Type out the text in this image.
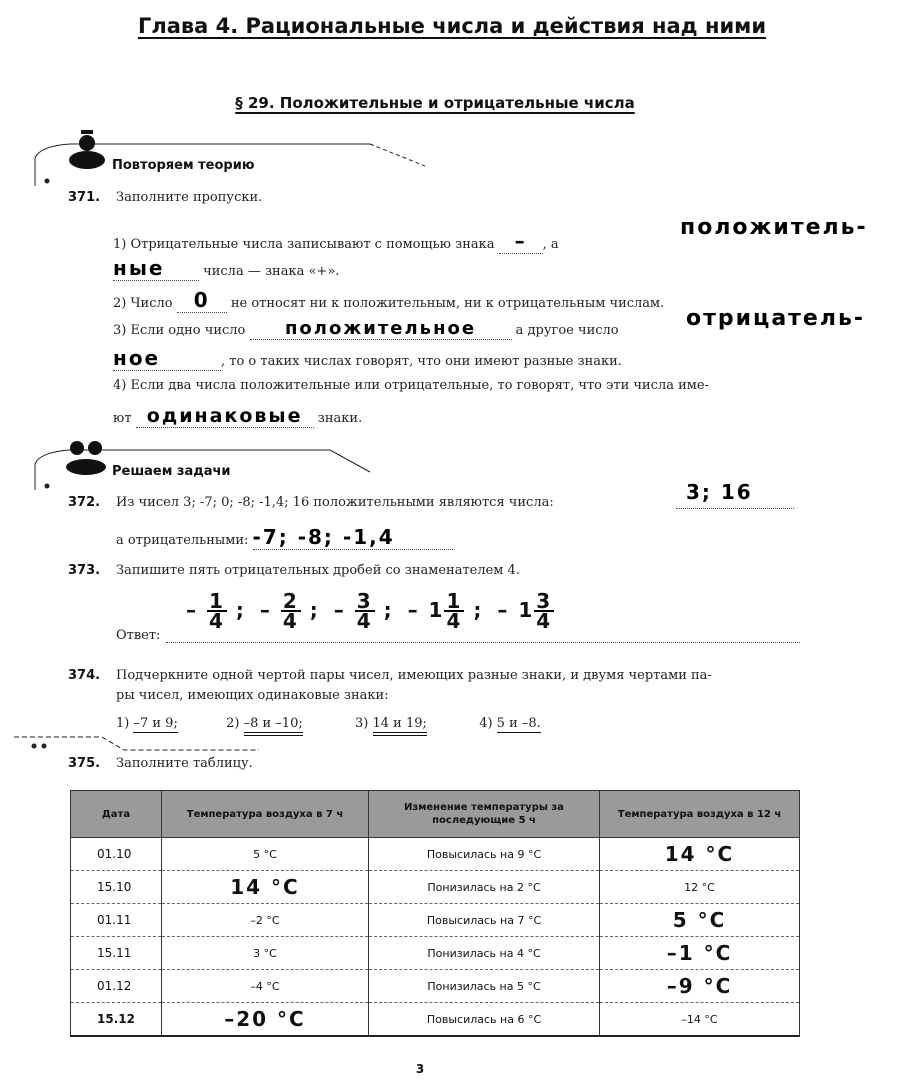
Глава 4. Рациональные числа и действия над ними
§ 29. Положительные и отрицательные числа
Повторяем теорию
371. Заполните пропуски.
1) Отрицательные числа записывают с помощью знака – , а
положитель-
ные	числа — знака «+».
2) Число 0 не относят ни к положительным, ни к отрицательным числам.
3) Если одно число положительное	а другое число	отрицатель-
ное	, то о таких числах говорят, что они имеют разные знаки.
4) Если два числа положительные или отрицательные, то говорят, что эти числа име-
ют одинаковые знаки.
Решаем задачи
372. Из чисел 3; -7; 0; -8; -1,4; 16 положительными являются числа:	3; 16
а отрицательными: -7; -8; -1,4
373. Запишите пять отрицательных дробей со знаменателем 4.
– $\frac{1}{4}$ ; – $\frac{2}{4}$ ; – $\frac{3}{4}$ ; – $1 \frac{1}{4}$ ; – $1 \frac{3}{4}$
Ответ:
374. Подчеркните одной чертой пары чисел, имеющих разные знаки, и двумя чертами па-
ры чисел, имеющих одинаковые знаки:
1) –7 и 9;	2) –8 и –10;	3) 14 и 19;	4) 5 и –8.
375. Заполните таблицу.
Дата	Температура воздуха в 7 ч	Изменение температуры за последующие 5 ч	Температура воздуха в 12 ч
01.10	5 °С	Повысилась на 9 °С	14 °С
15.10	14 °С	Понизилась на 2 °С	12 °С
01.11	–2 °С	Повысилась на 7 °С	5 °С
15.11	3 °С	Понизилась на 4 °С	–1 °С
01.12	–4 °С	Понизилась на 5 °С	–9 °С
15.12	–20 °С	Повысилась на 6 °С	–14 °С
3
